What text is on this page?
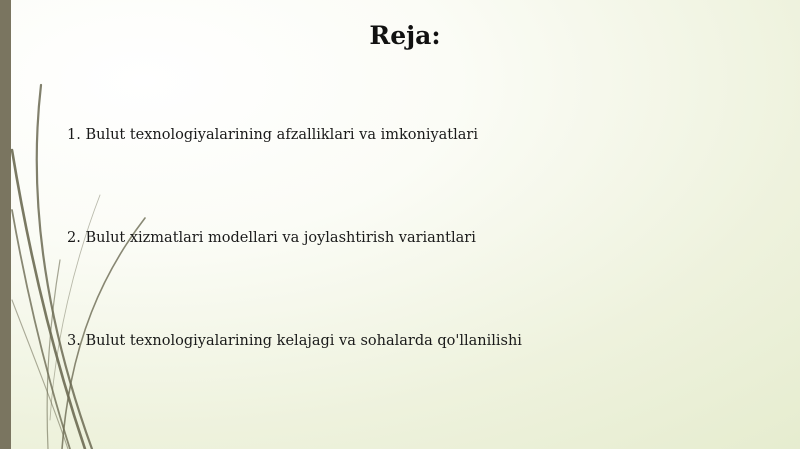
Reja:
1. Bulut texnologiyalarining afzalliklari va imkoniyatlari
2. Bulut xizmatlari modellari va joylashtirish variantlari
3. Bulut texnologiyalarining kelajagi va sohalarda qo'llanilishi
